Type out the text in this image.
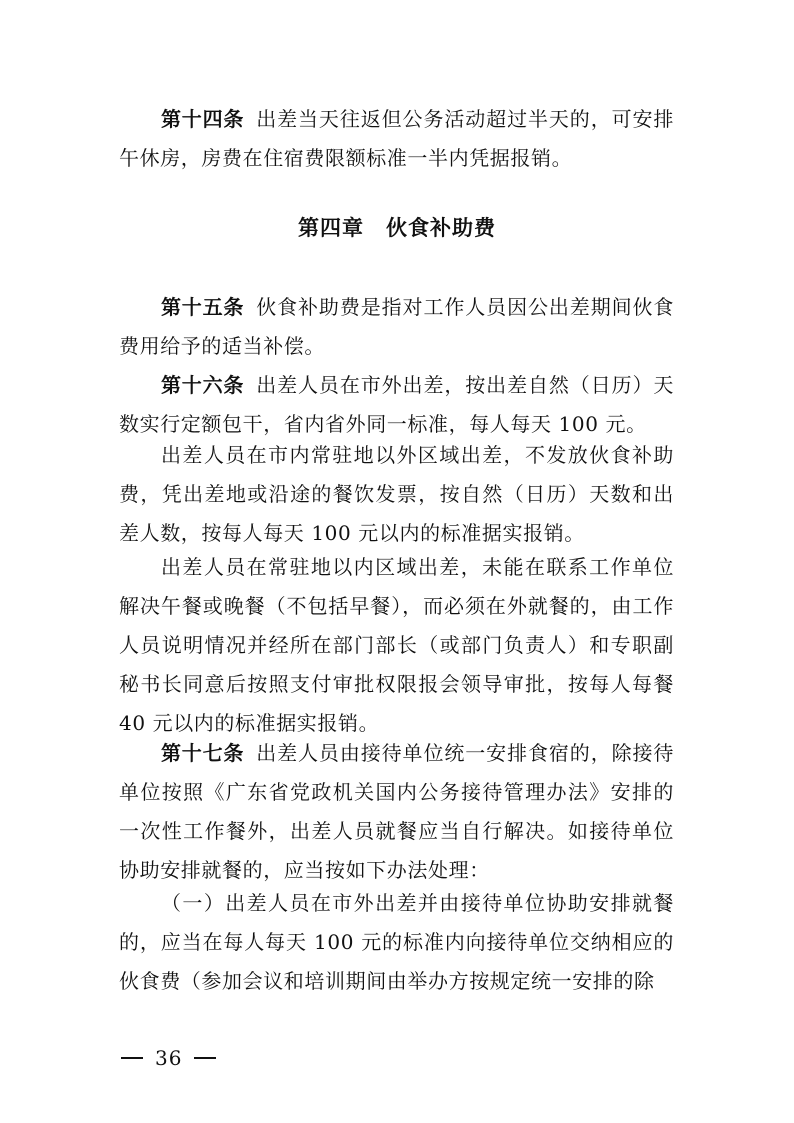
第十四条 出差当天往返但公务活动超过半天的，可安排午休房，房费在住宿费限额标准一半内凭据报销。

第四章 伙食补助费

第十五条 伙食补助费是指对工作人员因公出差期间伙食费用给予的适当补偿。

第十六条 出差人员在市外出差，按出差自然（日历）天数实行定额包干，省内省外同一标准，每人每天 100 元。

出差人员在市内常驻地以外区域出差，不发放伙食补助费，凭出差地或沿途的餐饮发票，按自然（日历）天数和出差人数，按每人每天 100 元以内的标准据实报销。

出差人员在常驻地以内区域出差，未能在联系工作单位解决午餐或晚餐（不包括早餐），而必须在外就餐的，由工作人员说明情况并经所在部门部长（或部门负责人）和专职副秘书长同意后按照支付审批权限报会领导审批，按每人每餐 40 元以内的标准据实报销。

第十七条 出差人员由接待单位统一安排食宿的，除接待单位按照《广东省党政机关国内公务接待管理办法》安排的一次性工作餐外，出差人员就餐应当自行解决。如接待单位协助安排就餐的，应当按如下办法处理：

（一）出差人员在市外出差并由接待单位协助安排就餐的，应当在每人每天 100 元的标准内向接待单位交纳相应的伙食费（参加会议和培训期间由举办方按规定统一安排的除

36
